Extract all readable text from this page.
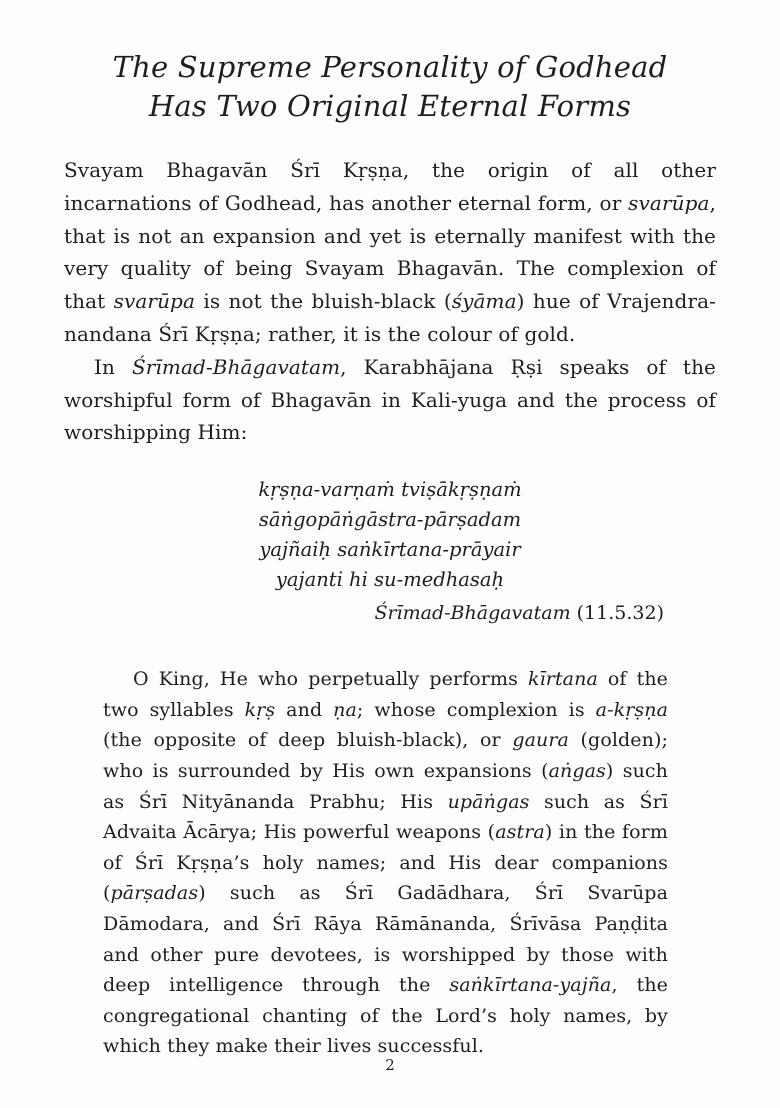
The Supreme Personality of Godhead
Has Two Original Eternal Forms

Svayam Bhagavān Śrī Kṛṣṇa, the origin of all other incarnations of Godhead, has another eternal form, or svarūpa, that is not an expansion and yet is eternally manifest with the very quality of being Svayam Bhagavān. The complexion of that svarūpa is not the bluish-black (śyāma) hue of Vrajendra-nandana Śrī Kṛṣṇa; rather, it is the colour of gold.

In Śrīmad-Bhāgavatam, Karabhājana Ṛṣi speaks of the worshipful form of Bhagavān in Kali-yuga and the process of worshipping Him:

kṛṣṇa-varṇaṁ tviṣākṛṣṇaṁ
sāṅgopāṅgāstra-pārṣadam
yajñaiḥ saṅkīrtana-prāyair
yajanti hi su-medhasaḥ
Śrīmad-Bhāgavatam (11.5.32)

O King, He who perpetually performs kīrtana of the two syllables kṛṣ and ṇa; whose complexion is a-kṛṣṇa (the opposite of deep bluish-black), or gaura (golden); who is surrounded by His own expansions (aṅgas) such as Śrī Nityānanda Prabhu; His upāṅgas such as Śrī Advaita Ācārya; His powerful weapons (astra) in the form of Śrī Kṛṣṇa’s holy names; and His dear companions (pārṣadas) such as Śrī Gadādhara, Śrī Svarūpa Dāmodara, and Śrī Rāya Rāmānanda, Śrīvāsa Paṇḍita and other pure devotees, is worshipped by those with deep intelligence through the saṅkīrtana-yajña, the congregational chanting of the Lord’s holy names, by which they make their lives successful.

2
